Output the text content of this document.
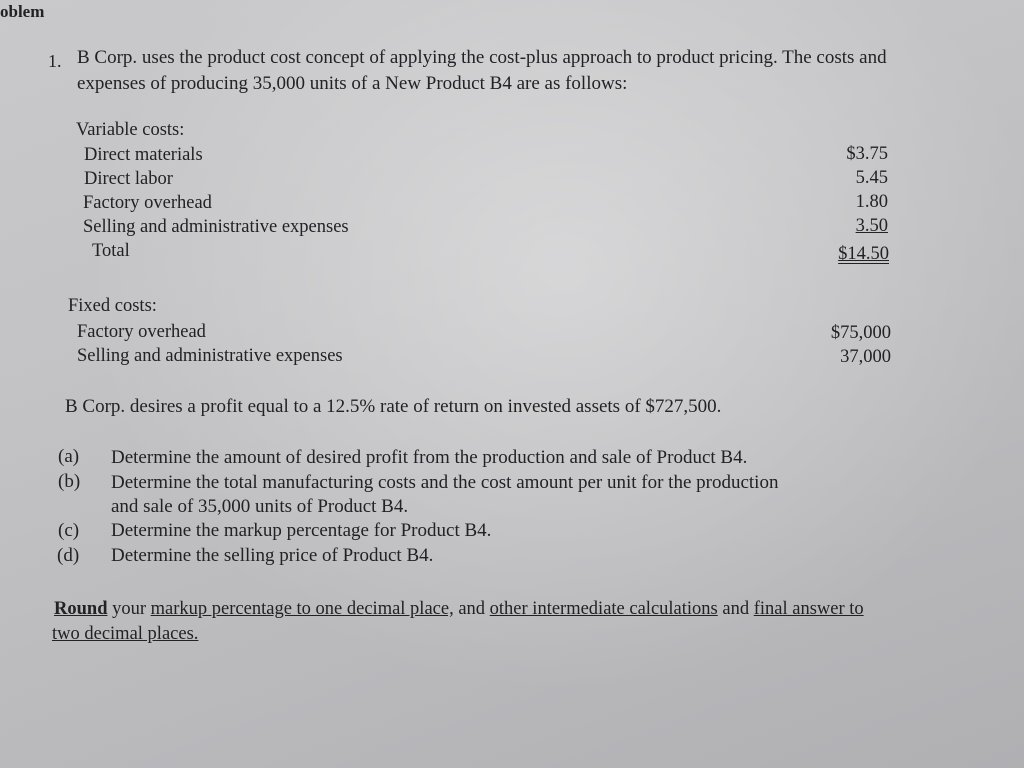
oblem
1. B Corp. uses the product cost concept of applying the cost-plus approach to product pricing. The costs and
expenses of producing 35,000 units of a New Product B4 are as follows:
Variable costs:
Direct materials	$3.75
Direct labor	5.45
Factory overhead	1.80
Selling and administrative expenses	3.50
Total	$14.50
Fixed costs:
Factory overhead	$75,000
Selling and administrative expenses	37,000
B Corp. desires a profit equal to a 12.5% rate of return on invested assets of $727,500.
(a) Determine the amount of desired profit from the production and sale of Product B4.
(b) Determine the total manufacturing costs and the cost amount per unit for the production
and sale of 35,000 units of Product B4.
(c) Determine the markup percentage for Product B4.
(d) Determine the selling price of Product B4.
Round your markup percentage to one decimal place, and other intermediate calculations and final answer to
two decimal places.
